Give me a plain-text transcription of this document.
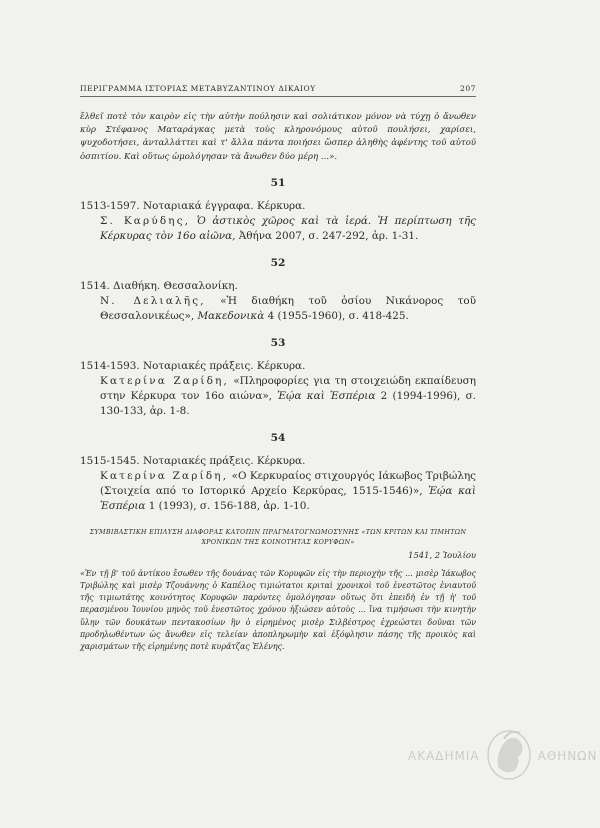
ΠΕΡΙΓΡΑΜΜΑ ΙΣΤΟΡΙΑΣ ΜΕΤΑΒΥΖΑΝΤΙΝΟΥ ΔΙΚΑΙΟΥ	207
ἔλθεῖ ποτὲ τὸν καιρὸν εἰς τὴν αὐτὴν πούλησιν καὶ σολιάτικον μόνον νὰ τύχῃ ὁ ἄνωθεν κὺρ Στέφανος Ματαράγκας μετὰ τοὺς κληρονόμους αὐτοῦ πουλήσει, χαρίσει, ψυχοδοτήσει, ἀνταλλάττει καὶ τ' ἄλλα πάντα ποιήσει ὥσπερ ἀληθὴς ἀφέντης τοῦ αὐτοῦ ὁσπιτίου. Καὶ οὕτως ὡμολόγησαν τὰ ἄνωθεν δύο μέρη ...».
51
1513-1597. Νοταριακά έγγραφα. Κέρκυρα.
Σ. Καρύδης, Ὁ ἀστικὸς χῶρος καὶ τὰ ἱερά. Ἡ περίπτωση τῆς Κέρκυρας τὸν 16ο αἰῶνα, Ἀθήνα 2007, σ. 247-292, ἀρ. 1-31.
52
1514. Διαθήκη. Θεσσαλονίκη.
Ν. Δελιαλῆς, «Ἡ διαθήκη τοῦ ὁσίου Νικάνορος τοῦ Θεσσαλονικέως», Μακεδονικὰ 4 (1955-1960), σ. 418-425.
53
1514-1593. Νοταριακές πράξεις. Κέρκυρα.
Κατερίνα Ζαρίδη, «Πληροφορίες για τη στοιχειώδη εκπαίδευση στην Κέρκυρα τον 16ο αιώνα», Ἑῴα καὶ Ἑσπέρια 2 (1994-1996), σ. 130-133, ἀρ. 1-8.
54
1515-1545. Νοταριακές πράξεις. Κέρκυρα.
Κατερίνα Ζαρίδη, «Ο Κερκυραίος στιχουργός Ιάκωβος Τριβώλης (Στοιχεία από το Ιστορικό Αρχείο Κερκύρας, 1515-1546)», Ἑῴα καὶ Ἑσπέρια 1 (1993), σ. 156-188, ἀρ. 1-10.
ΣΥΜΒΙΒΑΣΤΙΚΗ ΕΠΙΛΥΣΗ ΔΙΑΦΟΡΑΣ ΚΑΤΟΠΙΝ ΠΡΑΓΜΑΤΟΓΝΩΜΟΣΥΝΗΣ «ΤΩΝ ΚΡΙΤΩΝ ΚΑΙ ΤΙΜΗΤΩΝ ΧΡΟΝΙΚΩΝ ΤΗΣ ΚΟΙΝΟΤΗΤΑΣ ΚΟΡΥΦΩΝ»
1541, 2 Ἰουλίου
«Ἐν τῇ β' τοῦ ἀντίκου ἔσωθεν τῆς δουάνας τῶν Κορυφῶν εἰς τὴν περιοχὴν τῆς ... μισὲρ Ἰάκωβος Τριβώλης καὶ μισὲρ Τζουάννης ὁ Καπέλος τιμιώτατοι κριταὶ χρονικοὶ τοῦ ἐνεστῶτος ἐνιαυτοῦ τῆς τιμιωτάτης κοινότητος Κορυφῶν παρόντες ὁμολόγησαν οὕτως ὅτι ἐπειδὴ ἐν τῇ ἡ' τοῦ περασμένου Ἰουνίου μηνὸς τοῦ ἐνεστῶτος χρόνου ἠξιώσεν αὐτοὺς ... ἵνα τιμήσωσι τὴν κινητὴν ὕλην τῶν δουκάτων πεντακοσίων ἣν ὁ εἰρημένος μισὲρ Σιλβέστρος ἐχρεώστει δοῦναι τῶν προδηλωθέντων ὡς ἄνωθεν εἰς τελείαν ἀποπληρωμὴν καὶ ἐξόφλησιν πάσης τῆς προικὸς καὶ χαρισμάτων τῆς εἰρημένης ποτὲ κυρᾶτζας Ἑλένης.
ΑΚΑΔΗΜΙΑ	ΑΘΗΝΩΝ
